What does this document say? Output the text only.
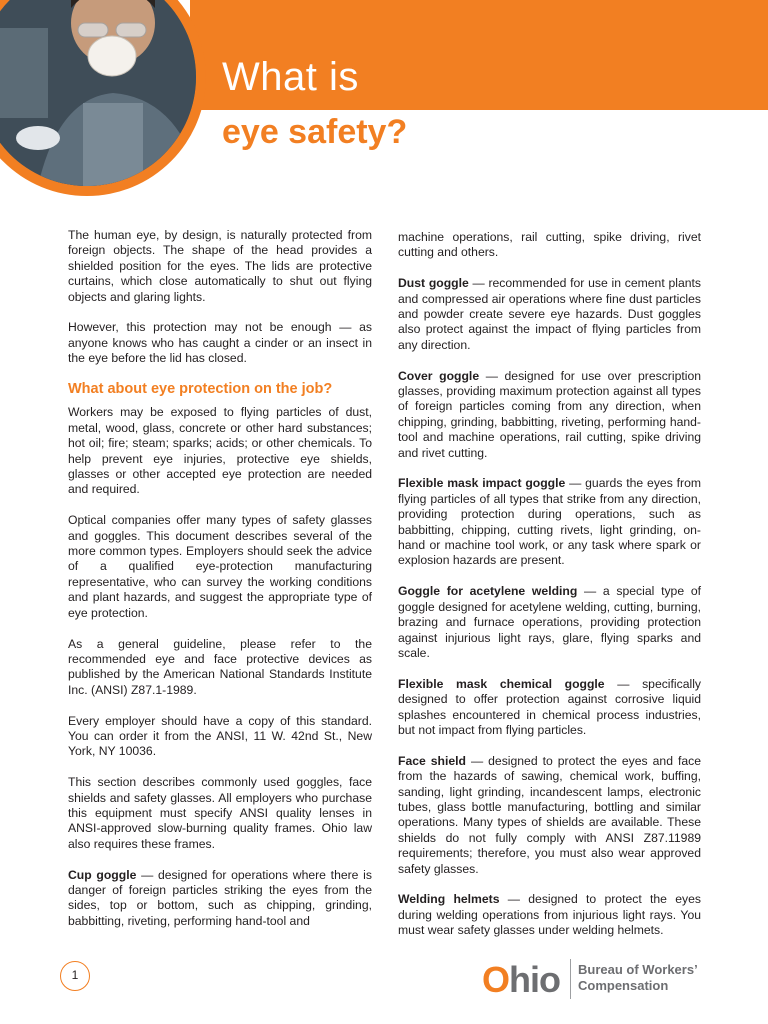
What is
eye safety?

The human eye, by design, is naturally protected from foreign objects. The shape of the head provides a shielded position for the eyes. The lids are protective curtains, which close automatically to shut out flying objects and glaring lights.

However, this protection may not be enough — as anyone knows who has caught a cinder or an insect in the eye before the lid has closed.

What about eye protection on the job?

Workers may be exposed to flying particles of dust, metal, wood, glass, concrete or other hard substances; hot oil; fire; steam; sparks; acids; or other chemicals. To help prevent eye injuries, protective eye shields, glasses or other accepted eye protection are needed and required.

Optical companies offer many types of safety glasses and goggles. This document describes several of the more common types. Employers should seek the advice of a qualified eye-protection manufacturing representative, who can survey the working conditions and plant hazards, and suggest the appropriate type of eye protection.

As a general guideline, please refer to the recommended eye and face protective devices as published by the American National Standards Institute Inc. (ANSI) Z87.1-1989.

Every employer should have a copy of this standard. You can order it from the ANSI, 11 W. 42nd St., New York, NY 10036.

This section describes commonly used goggles, face shields and safety glasses. All employers who purchase this equipment must specify ANSI quality lenses in ANSI-approved slow-burning quality frames. Ohio law also requires these frames.

Cup goggle — designed for operations where there is danger of foreign particles striking the eyes from the sides, top or bottom, such as chipping, grinding, babbitting, riveting, performing hand-tool and

machine operations, rail cutting, spike driving, rivet cutting and others.

Dust goggle — recommended for use in cement plants and compressed air operations where fine dust particles and powder create severe eye hazards. Dust goggles also protect against the impact of flying particles from any direction.

Cover goggle — designed for use over prescription glasses, providing maximum protection against all types of foreign particles coming from any direction, when chipping, grinding, babbitting, riveting, performing hand-tool and machine operations, rail cutting, spike driving and rivet cutting.

Flexible mask impact goggle — guards the eyes from flying particles of all types that strike from any direction, providing protection during operations, such as babbitting, chipping, cutting rivets, light grinding, on-hand or machine tool work, or any task where spark or explosion hazards are present.

Goggle for acetylene welding — a special type of goggle designed for acetylene welding, cutting, burning, brazing and furnace operations, providing protection against injurious light rays, glare, flying sparks and scale.

Flexible mask chemical goggle — specifically designed to offer protection against corrosive liquid splashes encountered in chemical process industries, but not impact from flying particles.

Face shield — designed to protect the eyes and face from the hazards of sawing, chemical work, buffing, sanding, light grinding, incandescent lamps, electronic tubes, glass bottle manufacturing, bottling and similar operations. Many types of shields are available. These shields do not fully comply with ANSI Z87.11989 requirements; therefore, you must also wear approved safety glasses.

Welding helmets — designed to protect the eyes during welding operations from injurious light rays. You must wear safety glasses under welding helmets.

1	Ohio Bureau of Workers’
Compensation
